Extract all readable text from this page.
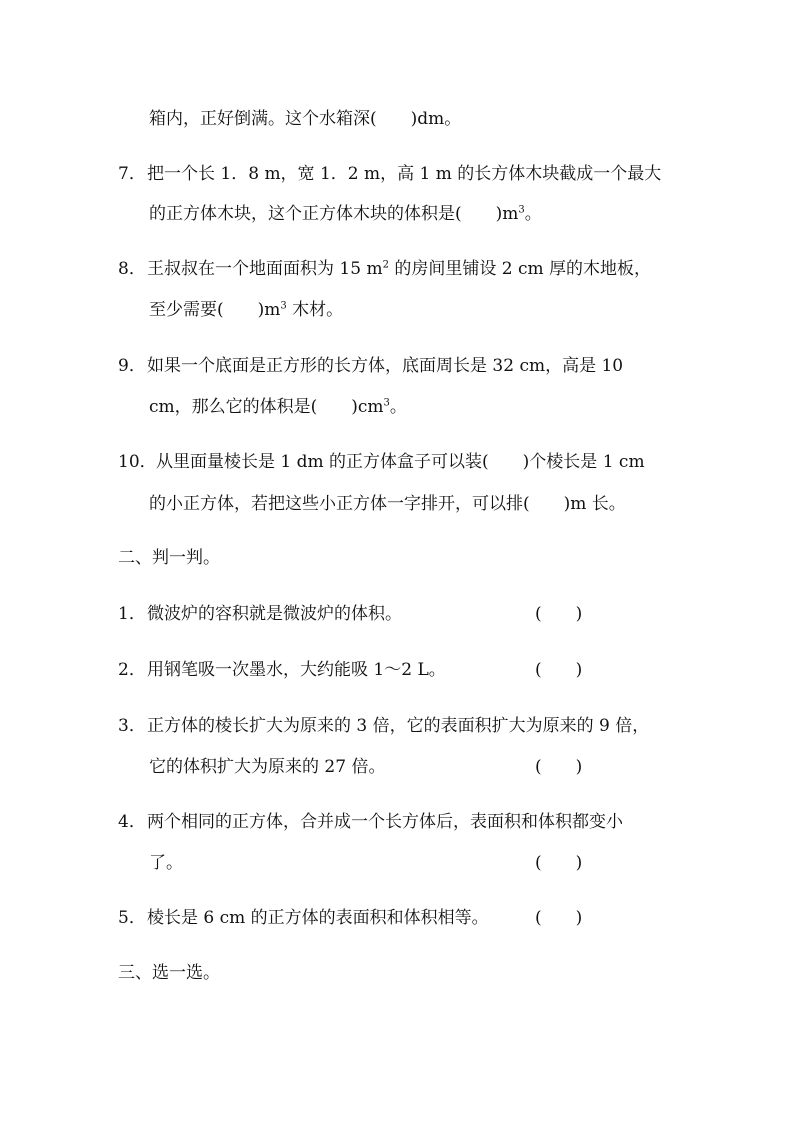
箱内，正好倒满。这个水箱深(　　)dm。
7． 把一个长 1．8 m，宽 1．2 m，高 1 m 的长方体木块截成一个最大
的正方体木块，这个正方体木块的体积是(　　)$m^3$。
8． 王叔叔在一个地面面积为 15 $m^2$ 的房间里铺设 2 cm 厚的木地板，
至少需要(　　)$m^3$ 木材。
9． 如果一个底面是正方形的长方体，底面周长是 32 cm，高是 10
cm，那么它的体积是(　　)$cm^3$。
10． 从里面量棱长是 1 dm 的正方体盒子可以装(　　)个棱长是 1 cm
的小正方体，若把这些小正方体一字排开，可以排(　　)m 长。
二、判一判。
1． 微波炉的容积就是微波炉的体积。	(　　)
2． 用钢笔吸一次墨水，大约能吸 1～2 L。	(　　)
3． 正方体的棱长扩大为原来的 3 倍，它的表面积扩大为原来的 9 倍，
它的体积扩大为原来的 27 倍。	(　　)
4． 两个相同的正方体，合并成一个长方体后，表面积和体积都变小
了。	(　　)
5． 棱长是 6 cm 的正方体的表面积和体积相等。	(　　)
三、选一选。
